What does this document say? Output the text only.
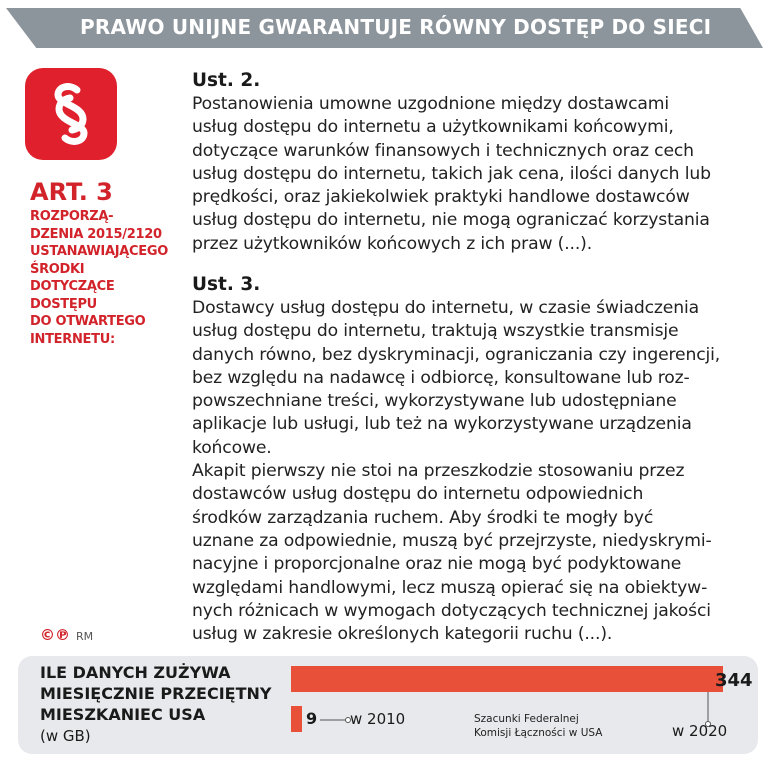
PRAWO UNIJNE GWARANTUJE RÓWNY DOSTĘP DO SIECI
ART. 3
ROZPORZĄ-
DZENIA 2015/2120
USTANAWIAJĄCEGO
ŚRODKI
DOTYCZĄCE
DOSTĘPU
DO OTWARTEGO
INTERNETU:
©℗ RM
Ust. 2.
Postanowienia umowne uzgodnione między dostawcami
usług dostępu do internetu a użytkownikami końcowymi,
dotyczące warunków finansowych i technicznych oraz cech
usług dostępu do internetu, takich jak cena, ilości danych lub
prędkości, oraz jakiekolwiek praktyki handlowe dostawców
usług dostępu do internetu, nie mogą ograniczać korzystania
przez użytkowników końcowych z ich praw (...).
Ust. 3.
Dostawcy usług dostępu do internetu, w czasie świadczenia
usług dostępu do internetu, traktują wszystkie transmisje
danych równo, bez dyskryminacji, ograniczania czy ingerencji,
bez względu na nadawcę i odbiorcę, konsultowane lub roz-
powszechniane treści, wykorzystywane lub udostępniane
aplikacje lub usługi, lub też na wykorzystywane urządzenia
końcowe.
Akapit pierwszy nie stoi na przeszkodzie stosowaniu przez
dostawców usług dostępu do internetu odpowiednich
środków zarządzania ruchem. Aby środki te mogły być
uznane za odpowiednie, muszą być przejrzyste, niedyskrymi-
nacyjne i proporcjonalne oraz nie mogą być podyktowane
względami handlowymi, lecz muszą opierać się na obiektyw-
nych różnicach w wymogach dotyczących technicznej jakości
usług w zakresie określonych kategorii ruchu (...).
ILE DANYCH ZUŻYWA
MIESIĘCZNIE PRZECIĘTNY
MIESZKANIEC USA
(w GB)
344
9 w 2010	Szacunki Federalnej
Komisji Łączności w USA	w 2020
